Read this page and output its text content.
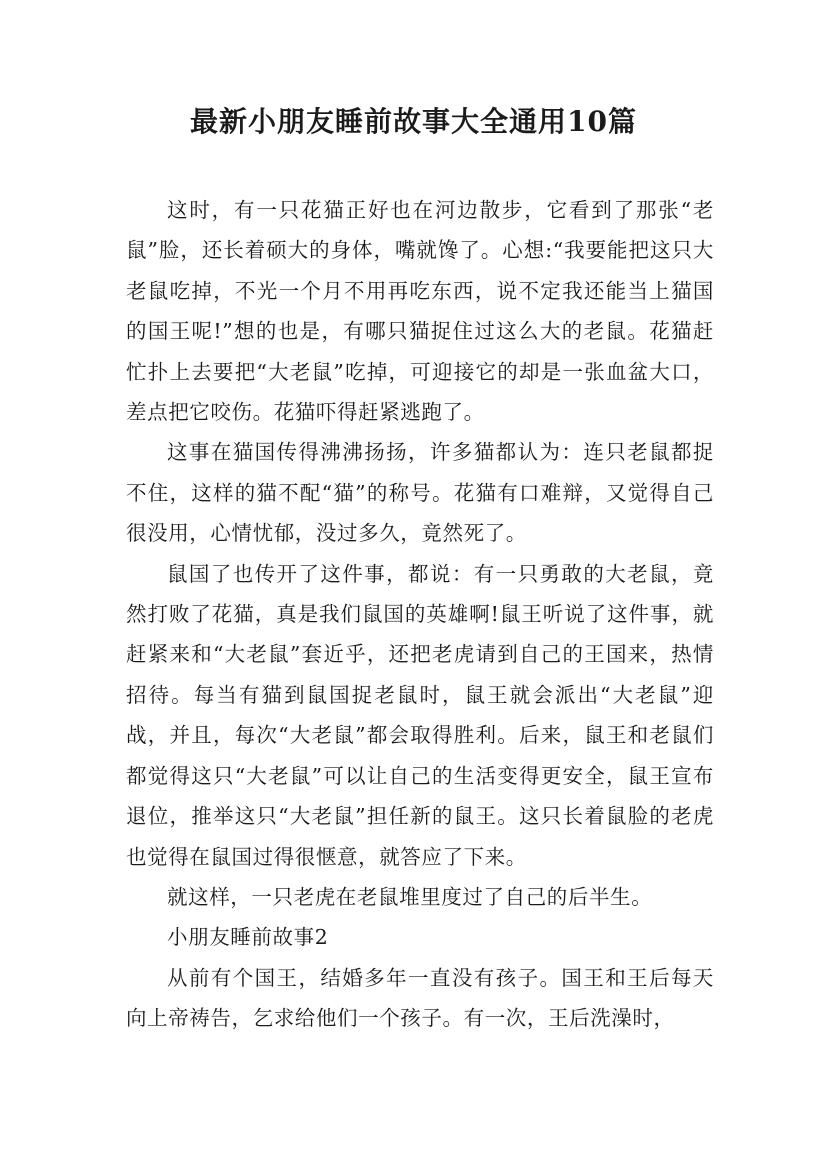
最新小朋友睡前故事大全通用10篇

这时，有一只花猫正好也在河边散步，它看到了那张“老鼠”脸，还长着硕大的身体，嘴就馋了。心想:“我要能把这只大老鼠吃掉，不光一个月不用再吃东西，说不定我还能当上猫国的国王呢!”想的也是，有哪只猫捉住过这么大的老鼠。花猫赶忙扑上去要把“大老鼠”吃掉，可迎接它的却是一张血盆大口，差点把它咬伤。花猫吓得赶紧逃跑了。

这事在猫国传得沸沸扬扬，许多猫都认为：连只老鼠都捉不住，这样的猫不配“猫”的称号。花猫有口难辩，又觉得自己很没用，心情忧郁，没过多久，竟然死了。

鼠国了也传开了这件事，都说：有一只勇敢的大老鼠，竟然打败了花猫，真是我们鼠国的英雄啊!鼠王听说了这件事，就赶紧来和“大老鼠”套近乎，还把老虎请到自己的王国来，热情招待。每当有猫到鼠国捉老鼠时，鼠王就会派出“大老鼠”迎战，并且，每次“大老鼠”都会取得胜利。后来，鼠王和老鼠们都觉得这只“大老鼠”可以让自己的生活变得更安全，鼠王宣布退位，推举这只“大老鼠”担任新的鼠王。这只长着鼠脸的老虎也觉得在鼠国过得很惬意，就答应了下来。

就这样，一只老虎在老鼠堆里度过了自己的后半生。

小朋友睡前故事2

从前有个国王，结婚多年一直没有孩子。国王和王后每天向上帝祷告，乞求给他们一个孩子。有一次，王后洗澡时，
